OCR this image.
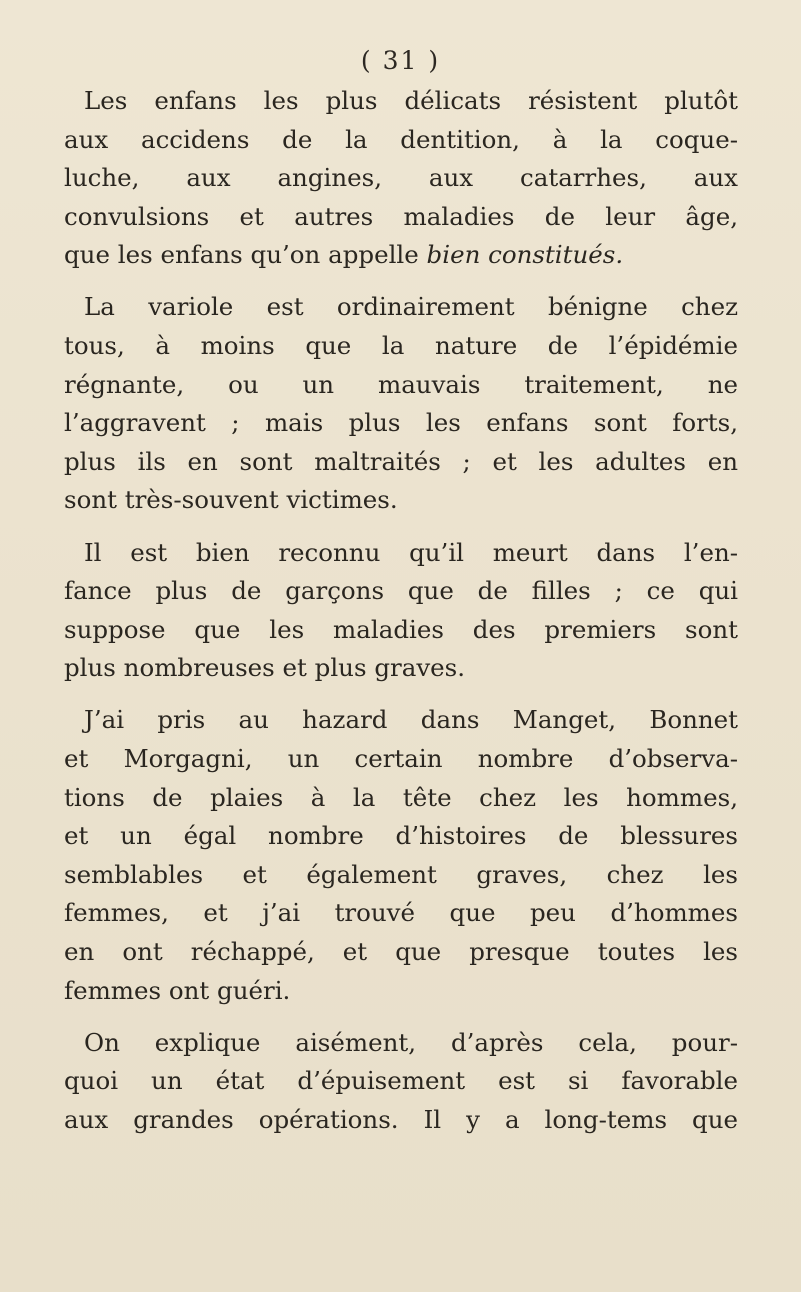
( 31 )

Les enfans les plus délicats résistent plutôt
aux accidens de la dentition, à la coque-
luche, aux angines, aux catarrhes, aux
convulsions et autres maladies de leur âge,
que les enfans qu’on appelle bien constitués.

La variole est ordinairement bénigne chez
tous, à moins que la nature de l’épidémie
régnante, ou un mauvais traitement, ne
l’aggravent ; mais plus les enfans sont forts,
plus ils en sont maltraités ; et les adultes en
sont très-souvent victimes.

Il est bien reconnu qu’il meurt dans l’en-
fance plus de garçons que de filles ; ce qui
suppose que les maladies des premiers sont
plus nombreuses et plus graves.

J’ai pris au hazard dans Manget, Bonnet
et Morgagni, un certain nombre d’observa-
tions de plaies à la tête chez les hommes,
et un égal nombre d’histoires de blessures
semblables et également graves, chez les
femmes, et j’ai trouvé que peu d’hommes
en ont réchappé, et que presque toutes les
femmes ont guéri.

On explique aisément, d’après cela, pour-
quoi un état d’épuisement est si favorable
aux grandes opérations. Il y a long-tems que
